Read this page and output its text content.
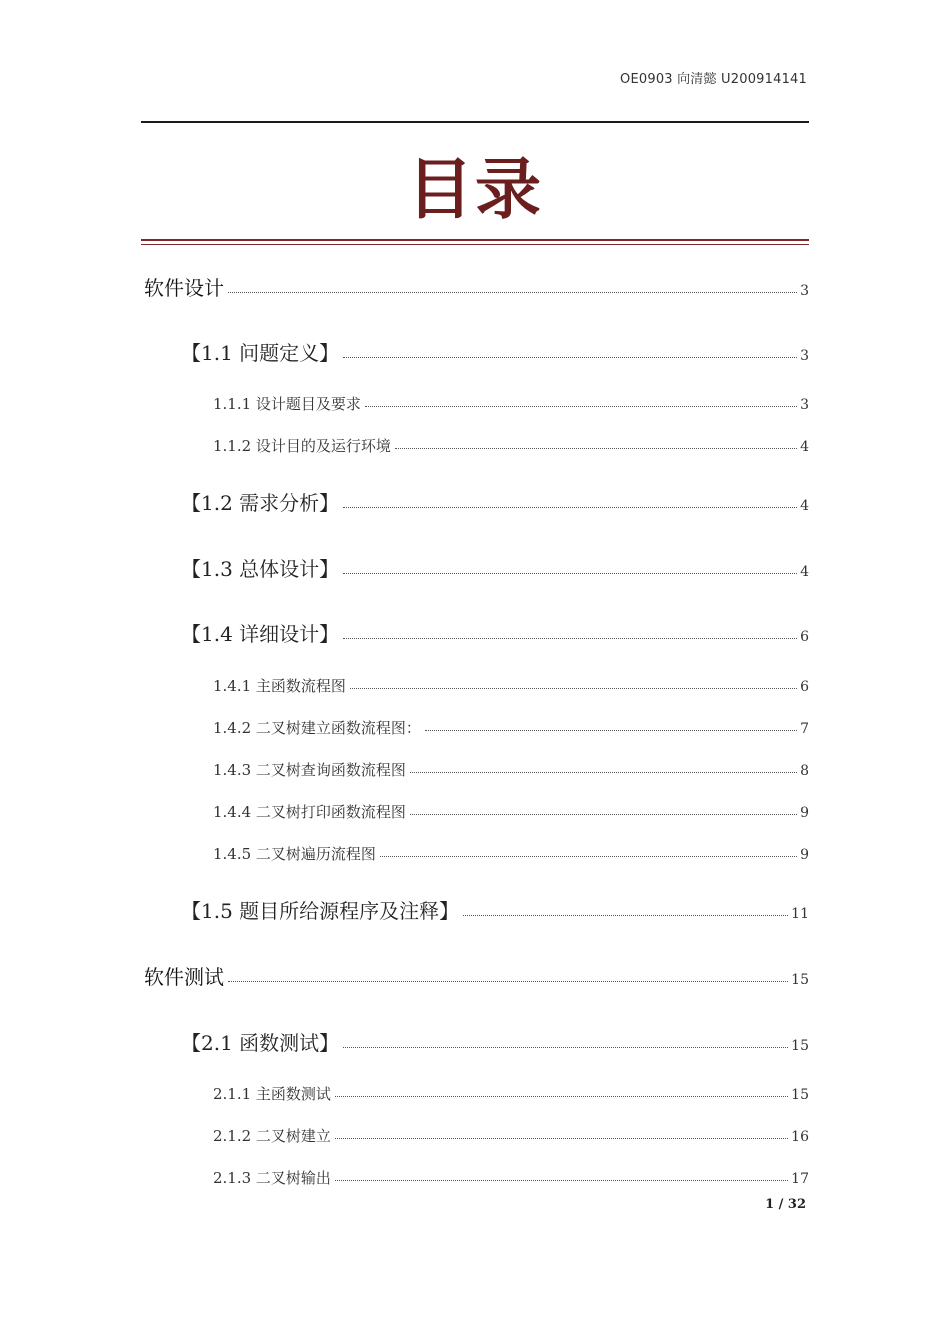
OE0903 向清懿 U200914141
目录
软件设计	3
【1.1 问题定义】	3
1.1.1 设计题目及要求	3
1.1.2 设计目的及运行环境	4
【1.2 需求分析】	4
【1.3 总体设计】	4
【1.4 详细设计】	6
1.4.1 主函数流程图	6
1.4.2 二叉树建立函数流程图：	7
1.4.3 二叉树查询函数流程图	8
1.4.4 二叉树打印函数流程图	9
1.4.5 二叉树遍历流程图	9
【1.5 题目所给源程序及注释】	11
软件测试	15
【2.1 函数测试】	15
2.1.1 主函数测试	15
2.1.2 二叉树建立	16
2.1.3 二叉树输出	17
1 / 32
